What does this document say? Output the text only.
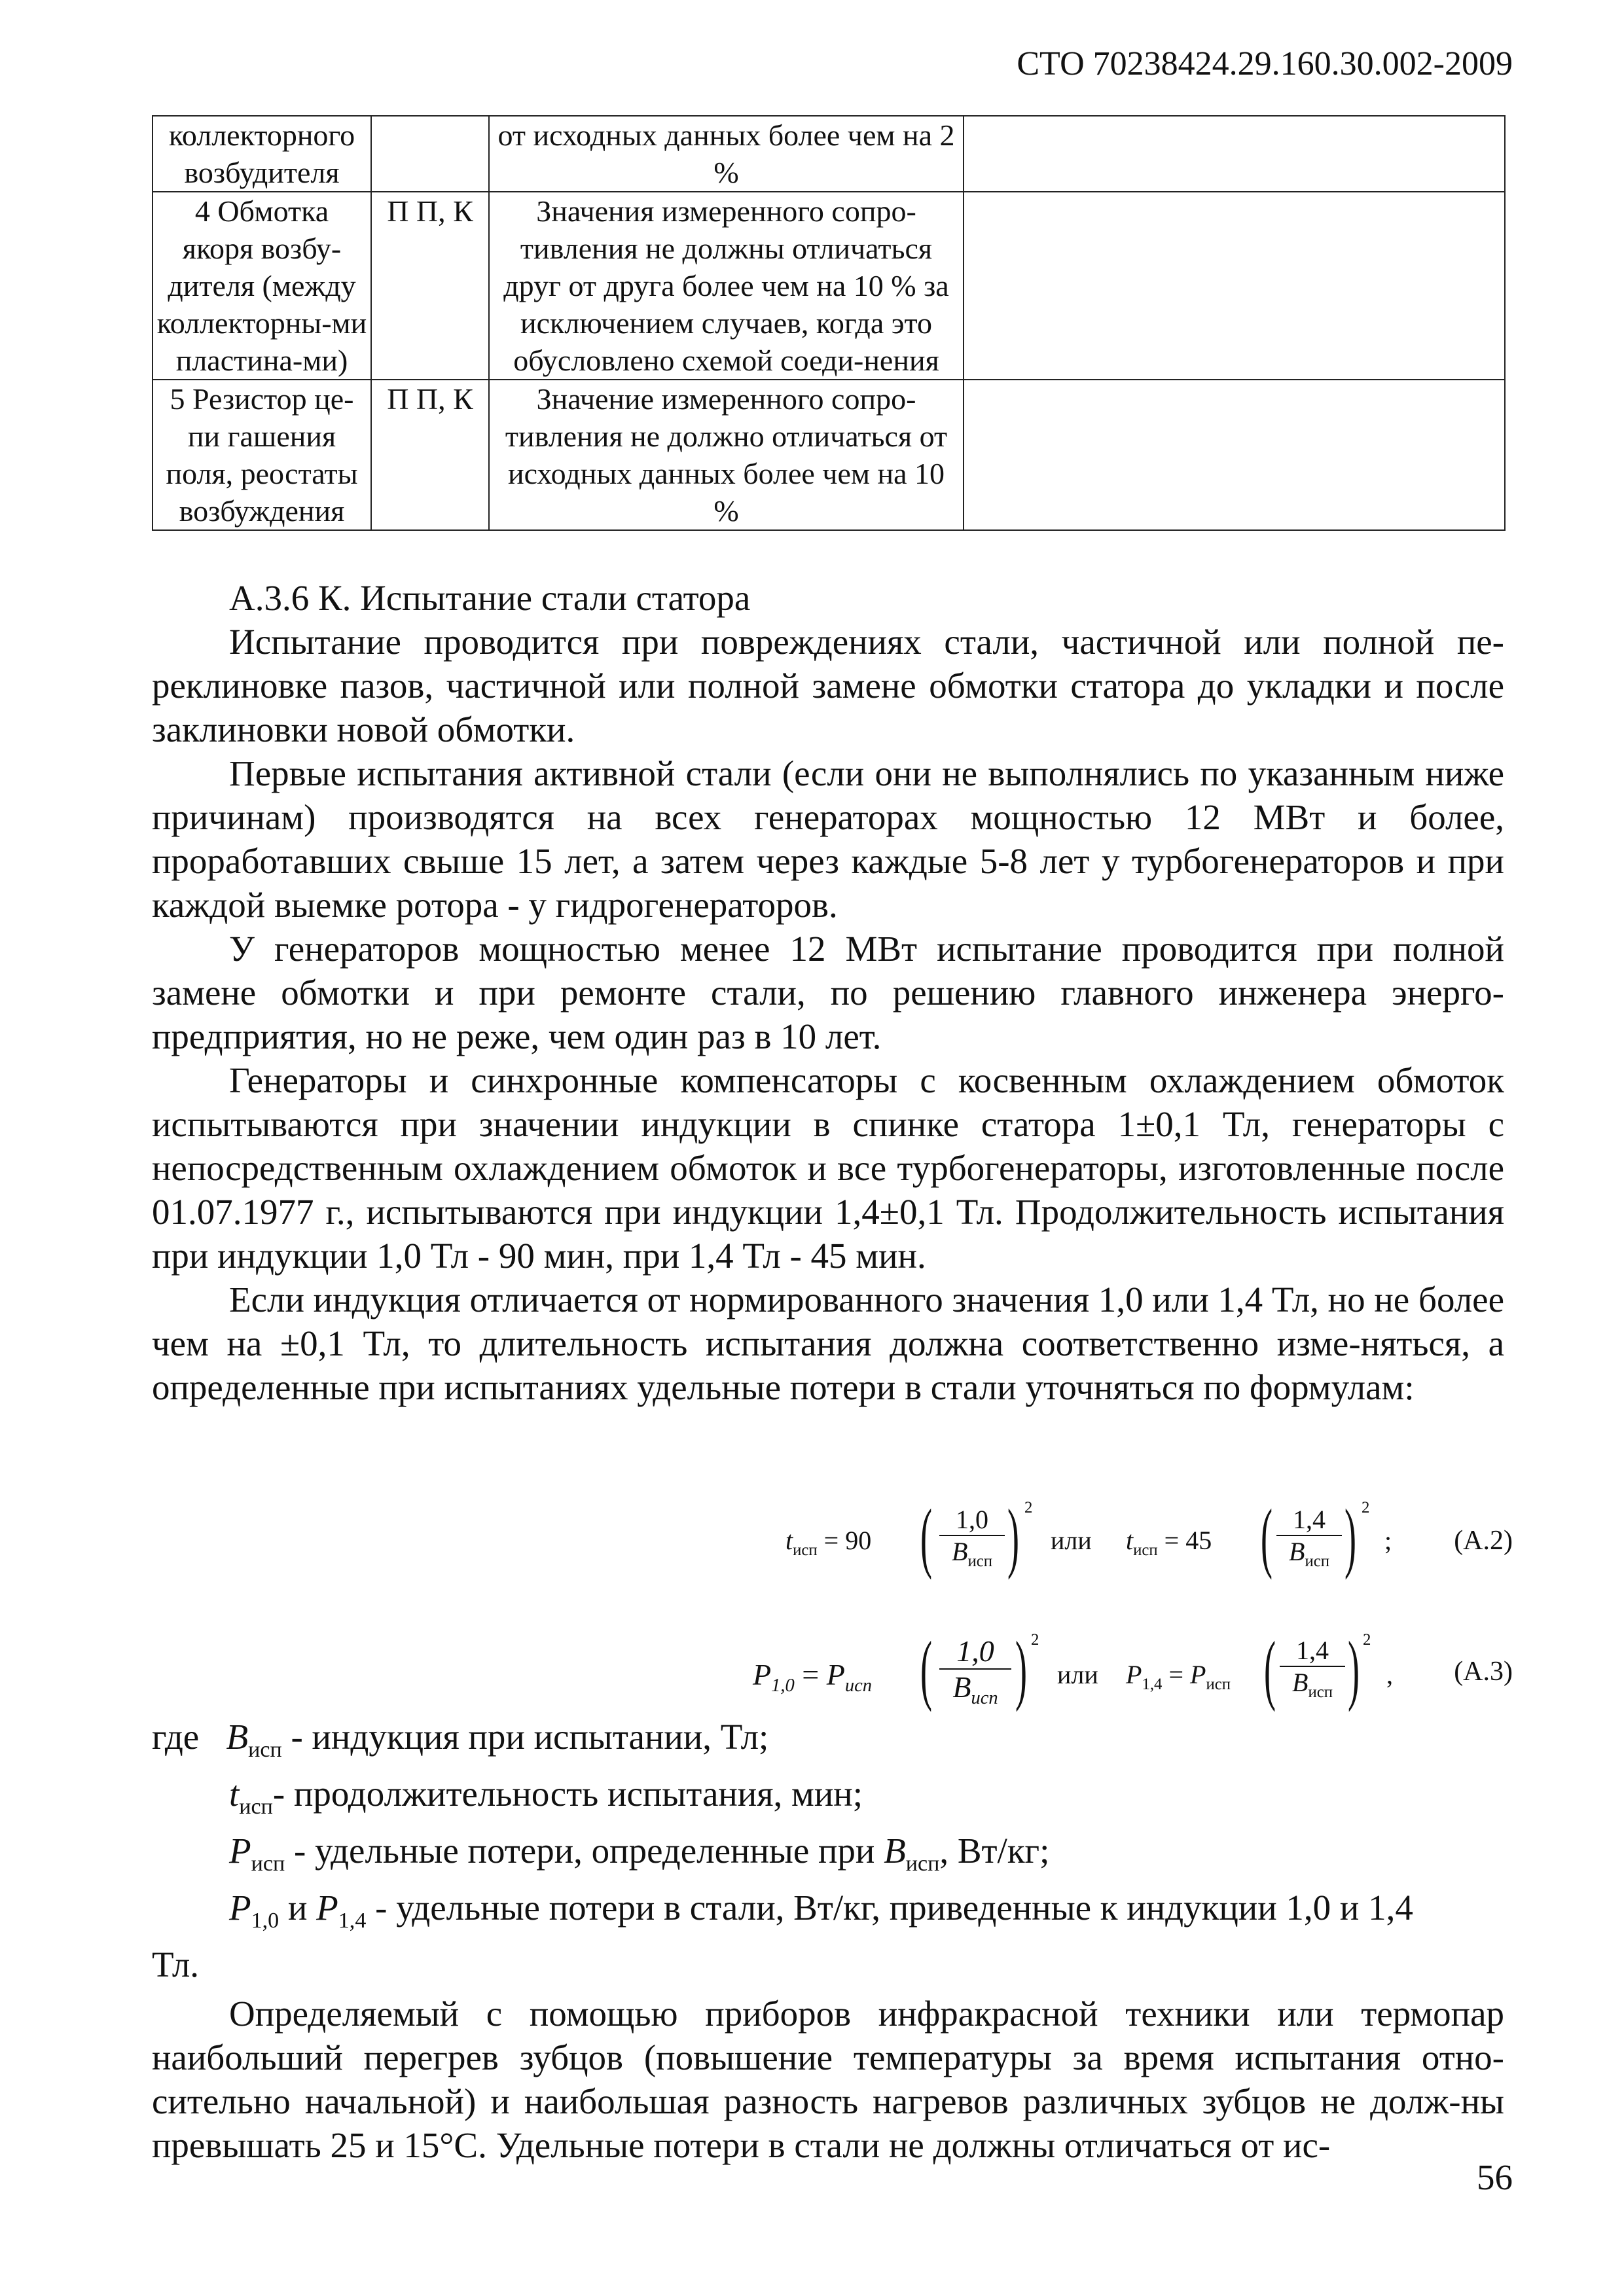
СТО 70238424.29.160.30.002-2009
коллекторного возбудителя		от исходных данных более чем на 2 %	
4 Обмотка якоря возбу-дителя (между коллекторны-ми пластина-ми)	П П, К	Значения измеренного сопро-тивления не должны отличаться друг от друга более чем на 10 % за исключением случаев, когда это обусловлено схемой соеди-нения	
5 Резистор це-пи гашения поля, реостаты возбуждения	П П, К	Значение измеренного сопро-тивления не должно отличаться от исходных данных более чем на 10 %	

А.3.6 К. Испытание стали статора

Испытание проводится при повреждениях стали, частичной или полной пе-реклиновке пазов, частичной или полной замене обмотки статора до укладки и после заклиновки новой обмотки.

Первые испытания активной стали (если они не выполнялись по указанным ниже причинам) производятся на всех генераторах мощностью 12 МВт и более, проработавших свыше 15 лет, а затем через каждые 5-8 лет у турбогенераторов и при каждой выемке ротора - у гидрогенераторов.

У генераторов мощностью менее 12 МВт испытание проводится при полной замене обмотки и при ремонте стали, по решению главного инженера энерго-предприятия, но не реже, чем один раз в 10 лет.

Генераторы и синхронные компенсаторы с косвенным охлаждением обмоток испытываются при значении индукции в спинке статора 1±0,1 Тл, генераторы с непосредственным охлаждением обмоток и все турбогенераторы, изготовленные после 01.07.1977 г., испытываются при индукции 1,4±0,1 Тл. Продолжительность испытания при индукции 1,0 Тл - 90 мин, при 1,4 Тл - 45 мин.

Если индукция отличается от нормированного значения 1,0 или 1,4 Тл, но не более чем на ±0,1 Тл, то длительность испытания должна соответственно изме-няться, а определенные при испытаниях удельные потери в стали уточняться по формулам:

$t_{исп} = 90$ ( 1,0
$B_{исп}$ ) 2
или $t_{исп} = 45$ ( 1,4
$B_{исп}$ ) 2
; (А.2)
$P_{1,0} = P_{исп}$ ( 1,0
$B_{исп}$ ) 2
или $P_{1,4} = P_{исп}$ ( 1,4
$B_{исп}$ ) 2
, (А.3)

где $B_{исп}$ - индукция при испытании, Тл;

$t_{исп}-$ продолжительность испытания, мин;

$P_{исп}$ - удельные потери, определенные при $B_{исп}$, Вт/кг;

$P_{1,0}$ и $P_{1,4}$ - удельные потери в стали, Вт/кг, приведенные к индукции 1,0 и 1,4

Тл.

Определяемый с помощью приборов инфракрасной техники или термопар наибольший перегрев зубцов (повышение температуры за время испытания отно-сительно начальной) и наибольшая разность нагревов различных зубцов не долж-ны превышать 25 и 15°С. Удельные потери в стали не должны отличаться от ис-

56
